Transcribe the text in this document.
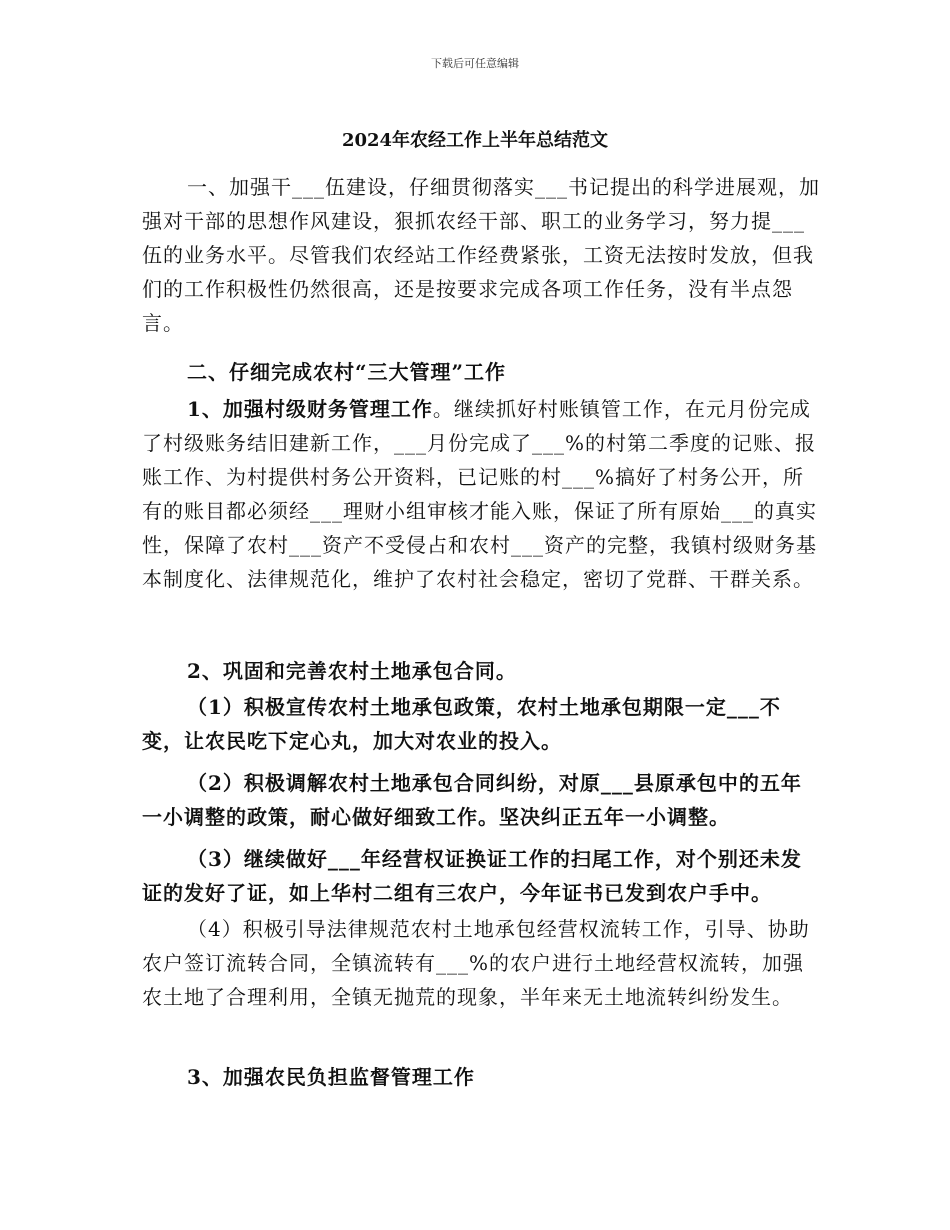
下载后可任意编辑
2024年农经工作上半年总结范文

一、加强干___伍建设，仔细贯彻落实___书记提出的科学进展观，加强对干部的思想作风建设，狠抓农经干部、职工的业务学习，努力提___伍的业务水平。尽管我们农经站工作经费紧张，工资无法按时发放，但我们的工作积极性仍然很高，还是按要求完成各项工作任务，没有半点怨言。

二、仔细完成农村“三大管理”工作

1、加强村级财务管理工作。继续抓好村账镇管工作，在元月份完成了村级账务结旧建新工作，___月份完成了___%的村第二季度的记账、报账工作、为村提供村务公开资料，已记账的村___%搞好了村务公开，所有的账目都必须经___理财小组审核才能入账，保证了所有原始___的真实性，保障了农村___资产不受侵占和农村___资产的完整，我镇村级财务基本制度化、法律规范化，维护了农村社会稳定，密切了党群、干群关系。

2、巩固和完善农村土地承包合同。

（1）积极宣传农村土地承包政策，农村土地承包期限一定___不变，让农民吃下定心丸，加大对农业的投入。

（2）积极调解农村土地承包合同纠纷，对原___县原承包中的五年一小调整的政策，耐心做好细致工作。坚决纠正五年一小调整。

（3）继续做好___年经营权证换证工作的扫尾工作，对个别还未发证的发好了证，如上华村二组有三农户，今年证书已发到农户手中。

（4）积极引导法律规范农村土地承包经营权流转工作，引导、协助农户签订流转合同，全镇流转有___%的农户进行土地经营权流转，加强农土地了合理利用，全镇无抛荒的现象，半年来无土地流转纠纷发生。

3、加强农民负担监督管理工作
